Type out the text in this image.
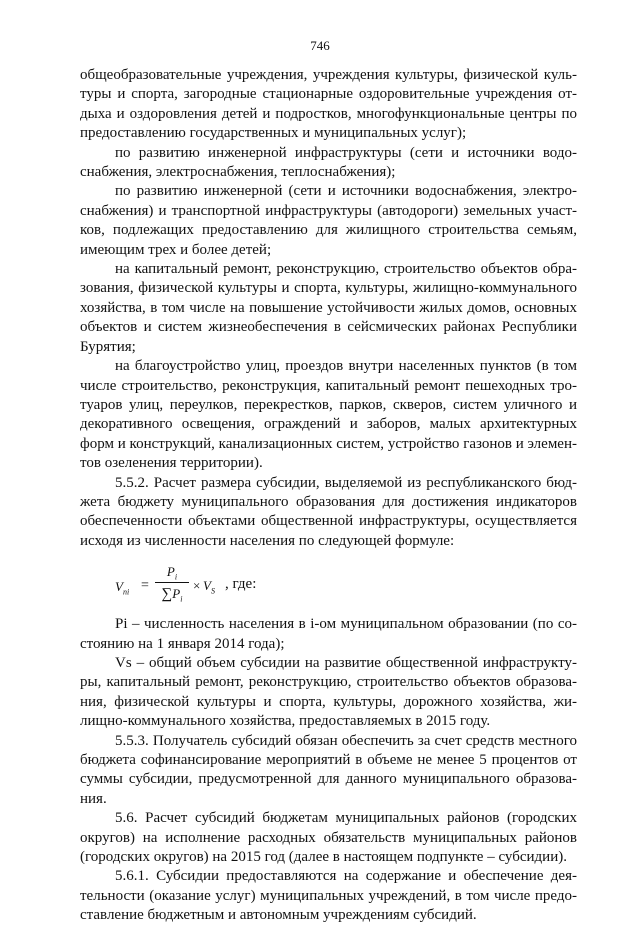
746

общеобразовательные учреждения, учреждения культуры, физической культуры и спорта, загородные стационарные оздоровительные учреждения отдыха и оздоровления детей и подростков, многофункциональные центры по предоставлению государственных и муниципальных услуг);

по развитию инженерной инфраструктуры (сети и источники водоснабжения, электроснабжения, теплоснабжения);

по развитию инженерной (сети и источники водоснабжения, электроснабжения) и транспортной инфраструктуры (автодороги) земельных участков, подлежащих предоставлению для жилищного строительства семьям, имеющим трех и более детей;

на капитальный ремонт, реконструкцию, строительство объектов образования, физической культуры и спорта, культуры, жилищно-коммунального хозяйства, в том числе на повышение устойчивости жилых домов, основных объектов и систем жизнеобеспечения в сейсмических районах Республики Бурятия;

на благоустройство улиц, проездов внутри населенных пунктов (в том числе строительство, реконструкция, капитальный ремонт пешеходных тротуаров улиц, переулков, перекрестков, парков, скверов, систем уличного и декоративного освещения, ограждений и заборов, малых архитектурных форм и конструкций, канализационных систем, устройство газонов и элементов озеленения территории).

5.5.2. Расчет размера субсидии, выделяемой из республиканского бюджета бюджету муниципального образования для достижения индикаторов обеспеченности объектами общественной инфраструктуры, осуществляется исходя из численности населения по следующей формуле:

$V_{пі}$ =
$P_i$
$\sum P_i$
× $V_S$ , где:

Pi – численность населения в i-ом муниципальном образовании (по состоянию на 1 января 2014 года);

Vs – общий объем субсидии на развитие общественной инфраструктуры, капитальный ремонт, реконструкцию, строительство объектов образования, физической культуры и спорта, культуры, дорожного хозяйства, жилищно-коммунального хозяйства, предоставляемых в 2015 году.

5.5.3. Получатель субсидий обязан обеспечить за счет средств местного бюджета софинансирование мероприятий в объеме не менее 5 процентов от суммы субсидии, предусмотренной для данного муниципального образования.

5.6. Расчет субсидий бюджетам муниципальных районов (городских округов) на исполнение расходных обязательств муниципальных районов (городских округов) на 2015 год (далее в настоящем подпункте – субсидии).

5.6.1. Субсидии предоставляются на содержание и обеспечение деятельности (оказание услуг) муниципальных учреждений, в том числе предоставление бюджетным и автономным учреждениям субсидий.
